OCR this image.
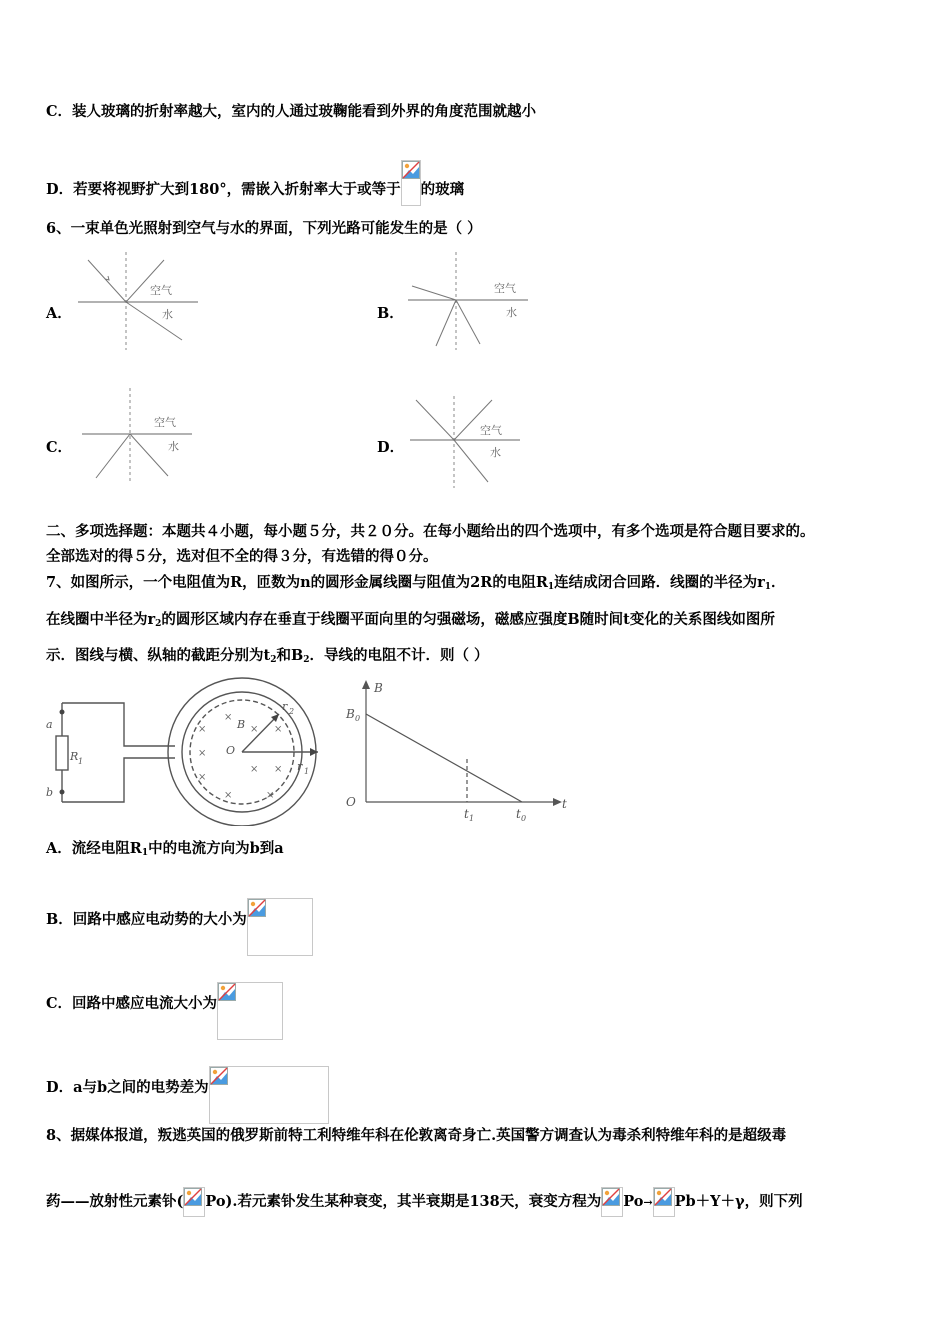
C．装人玻璃的折射率越大，室内的人通过玻鞠能看到外界的角度范围就越小
D．若要将视野扩大到180°，需嵌入折射率大于或等于 的玻璃
6、一束单色光照射到空气与水的界面，下列光路可能发生的是（ ）
A．	B．
C．	D．
空气
水
空气
水
空气
水
空气
水
二、多项选择题：本题共４小题，每小题５分，共２０分。在每小题给出的四个选项中，有多个选项是符合题目要求的。
全部选对的得５分，选对但不全的得３分，有选错的得０分。
7、如图所示，一个电阻值为R，匝数为n的圆形金属线圈与阻值为2R的电阻$R_1$连结成闭合回路．线圈的半径为$r_1$．
在线圈中半径为$r_2$的圆形区域内存在垂直于线圈平面向里的匀强磁场，磁感应强度B随时间t变化的关系图线如图所
示．图线与横、纵轴的截距分别为$t_2$和$B_2$．导线的电阻不计．则（ ）
a
b
R 1
B
O
r 1
r 2
×
×
×
×
×
×
×
×
×
×
B
B 0
O	t
t 1	t 0
A．流经电阻$R_1$中的电流方向为b到a
B．回路中感应电动势的大小为
C．回路中感应电流大小为
D．a与b之间的电势差为
8、据媒体报道，叛逃英国的俄罗斯前特工利特维年科在伦敦离奇身亡.英国警方调查认为毒杀利特维年科的是超级毒
药——放射性元素钋( Po).若元素钋发生某种衰变，其半衰期是138天，衰变方程为 Po→ Pb＋Y＋γ，则下列
